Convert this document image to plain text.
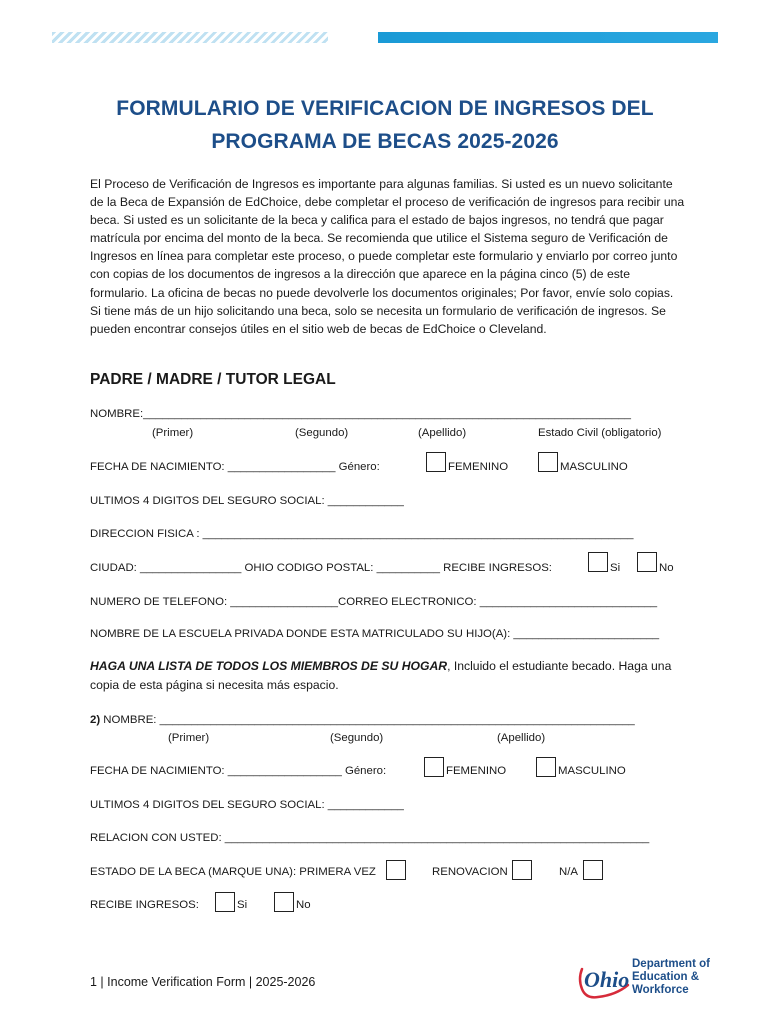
FORMULARIO DE VERIFICACION DE INGRESOS DEL
PROGRAMA DE BECAS 2025-2026

El Proceso de Verificación de Ingresos es importante para algunas familias. Si usted es un nuevo solicitante de la Beca de Expansión de EdChoice, debe completar el proceso de verificación de ingresos para recibir una beca. Si usted es un solicitante de la beca y califica para el estado de bajos ingresos, no tendrá que pagar matrícula por encima del monto de la beca. Se recomienda que utilice el Sistema seguro de Verificación de Ingresos en línea para completar este proceso, o puede completar este formulario y enviarlo por correo junto con copias de los documentos de ingresos a la dirección que aparece en la página cinco (5) de este formulario. La oficina de becas no puede devolverle los documentos originales; Por favor, envíe solo copias. Si tiene más de un hijo solicitando una beca, solo se necesita un formulario de verificación de ingresos. Se pueden encontrar consejos útiles en el sitio web de becas de EdChoice o Cleveland.

PADRE / MADRE / TUTOR LEGAL
NOMBRE:_____________________________________________________________________________
(Primer)	(Segundo)	(Apellido)	Estado Civil (obligatorio)
FECHA DE NACIMIENTO: _________________ Género:	FEMENINO	MASCULINO
ULTIMOS 4 DIGITOS DEL SEGURO SOCIAL: ____________
DIRECCION FISICA : ____________________________________________________________________
CIUDAD: ________________ OHIO CODIGO POSTAL: __________ RECIBE INGRESOS:	Si	No
NUMERO DE TELEFONO: _________________CORREO ELECTRONICO: ____________________________
NOMBRE DE LA ESCUELA PRIVADA DONDE ESTA MATRICULADO SU HIJO(A): _______________________

HAGA UNA LISTA DE TODOS LOS MIEMBROS DE SU HOGAR, Incluido el estudiante becado. Haga una copia de esta página si necesita más espacio.

2) NOMBRE: ___________________________________________________________________________
(Primer)	(Segundo)	(Apellido)
FECHA DE NACIMIENTO: __________________ Género:	FEMENINO	MASCULINO
ULTIMOS 4 DIGITOS DEL SEGURO SOCIAL: ____________
RELACION CON USTED: ___________________________________________________________________
ESTADO DE LA BECA (MARQUE UNA): PRIMERA VEZ	RENOVACION	N/A
RECIBE INGRESOS:	Si	No
1 | Income Verification Form | 2025-2026	Ohio
Department of
Education &
Workforce
